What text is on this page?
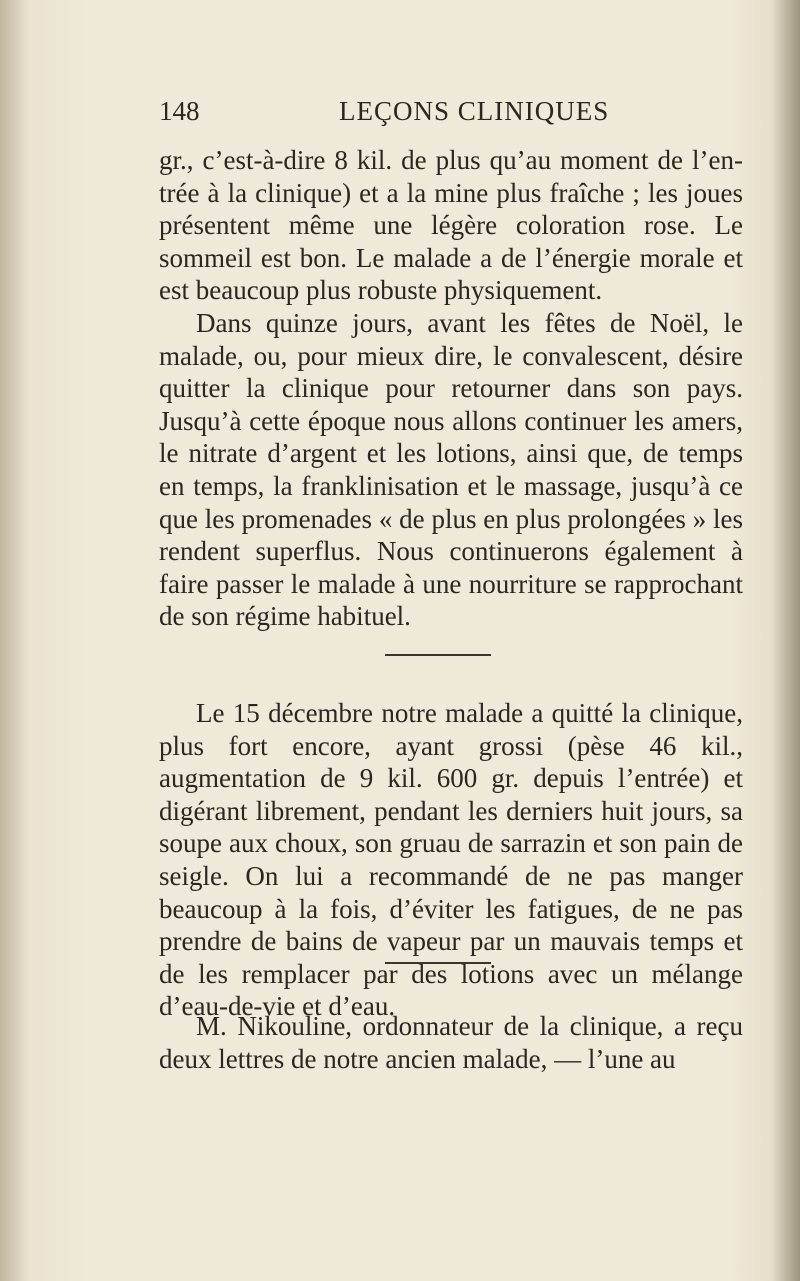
148	LEÇONS CLINIQUES

gr., c’est-à-dire 8 kil. de plus qu’au moment de l’entrée à la clinique) et a la mine plus fraîche ; les joues présentent même une légère coloration rose. Le sommeil est bon. Le malade a de l’énergie morale et est beaucoup plus robuste physiquement.

Dans quinze jours, avant les fêtes de Noël, le malade, ou, pour mieux dire, le convalescent, désire quitter la clinique pour retourner dans son pays. Jusqu’à cette époque nous allons continuer les amers, le nitrate d’argent et les lotions, ainsi que, de temps en temps, la franklinisation et le massage, jusqu’à ce que les promenades « de plus en plus prolongées » les rendent superflus. Nous continuerons également à faire passer le malade à une nourriture se rapprochant de son régime habituel.

Le 15 décembre notre malade a quitté la clinique, plus fort encore, ayant grossi (pèse 46 kil., augmentation de 9 kil. 600 gr. depuis l’entrée) et digérant librement, pendant les derniers huit jours, sa soupe aux choux, son gruau de sarrazin et son pain de seigle. On lui a recommandé de ne pas manger beaucoup à la fois, d’éviter les fatigues, de ne pas prendre de bains de vapeur par un mauvais temps et de les remplacer par des lotions avec un mélange d’eau-de-vie et d’eau.

M. Nikouline, ordonnateur de la clinique, a reçu deux lettres de notre ancien malade, — l’une au
